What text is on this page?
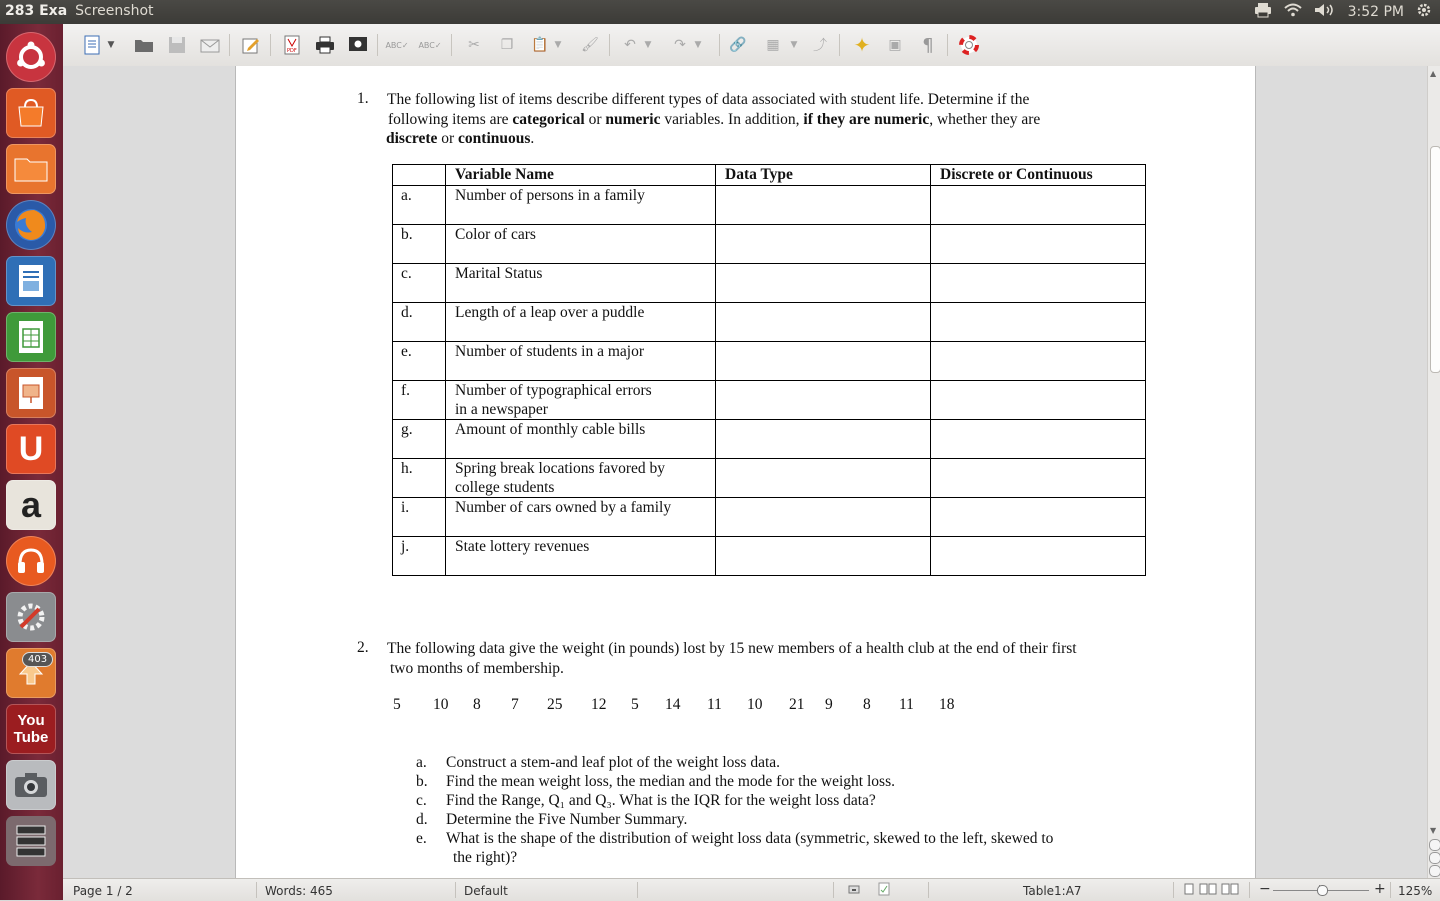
283 Exa Screenshot	3:52 PM
U
a
403
You
Tube
▼
PDF
ABC✓ ABC✓	✂	❐	📋 ▼ 🖌	↶ ▼	↷ ▼ 🔗	▦	▼ ⤴ ✦	▣ ¶
1. The following list of items describe different types of data associated with student life. Determine if the
following items are categorical or numeric variables. In addition, if they are numeric, whether they are
discrete or continuous.
	Variable Name	Data Type	Discrete or Continuous
a.	Number of persons in a family		

b.	Color of cars		

c.	Marital Status		

d.	Length of a leap over a puddle		

e.	Number of students in a major		

f.	Number of typographical errors
in a newspaper		

g.	Amount of monthly cable bills		

h.	Spring break locations favored by
college students		

i.	Number of cars owned by a family		

j.	State lottery revenues		

2. The following data give the weight (in pounds) lost by 15 new members of a health club at the end of their first
two months of membership.
5 10 8 7 25 12 5 14 11 10 21 9 8 11 18
a. Construct a stem-and leaf plot of the weight loss data.
b. Find the mean weight loss, the median and the mode for the weight loss.
c. Find the Range, Q₁ and Q₃. What is the IQR for the weight loss data?
d. Determine the Five Number Summary.
e. What is the shape of the distribution of weight loss data (symmetric, skewed to the left, skewed to
the right)?
▲
▼
Page 1 / 2	Words: 465	Default	Table1:A7	−	+ 125%
